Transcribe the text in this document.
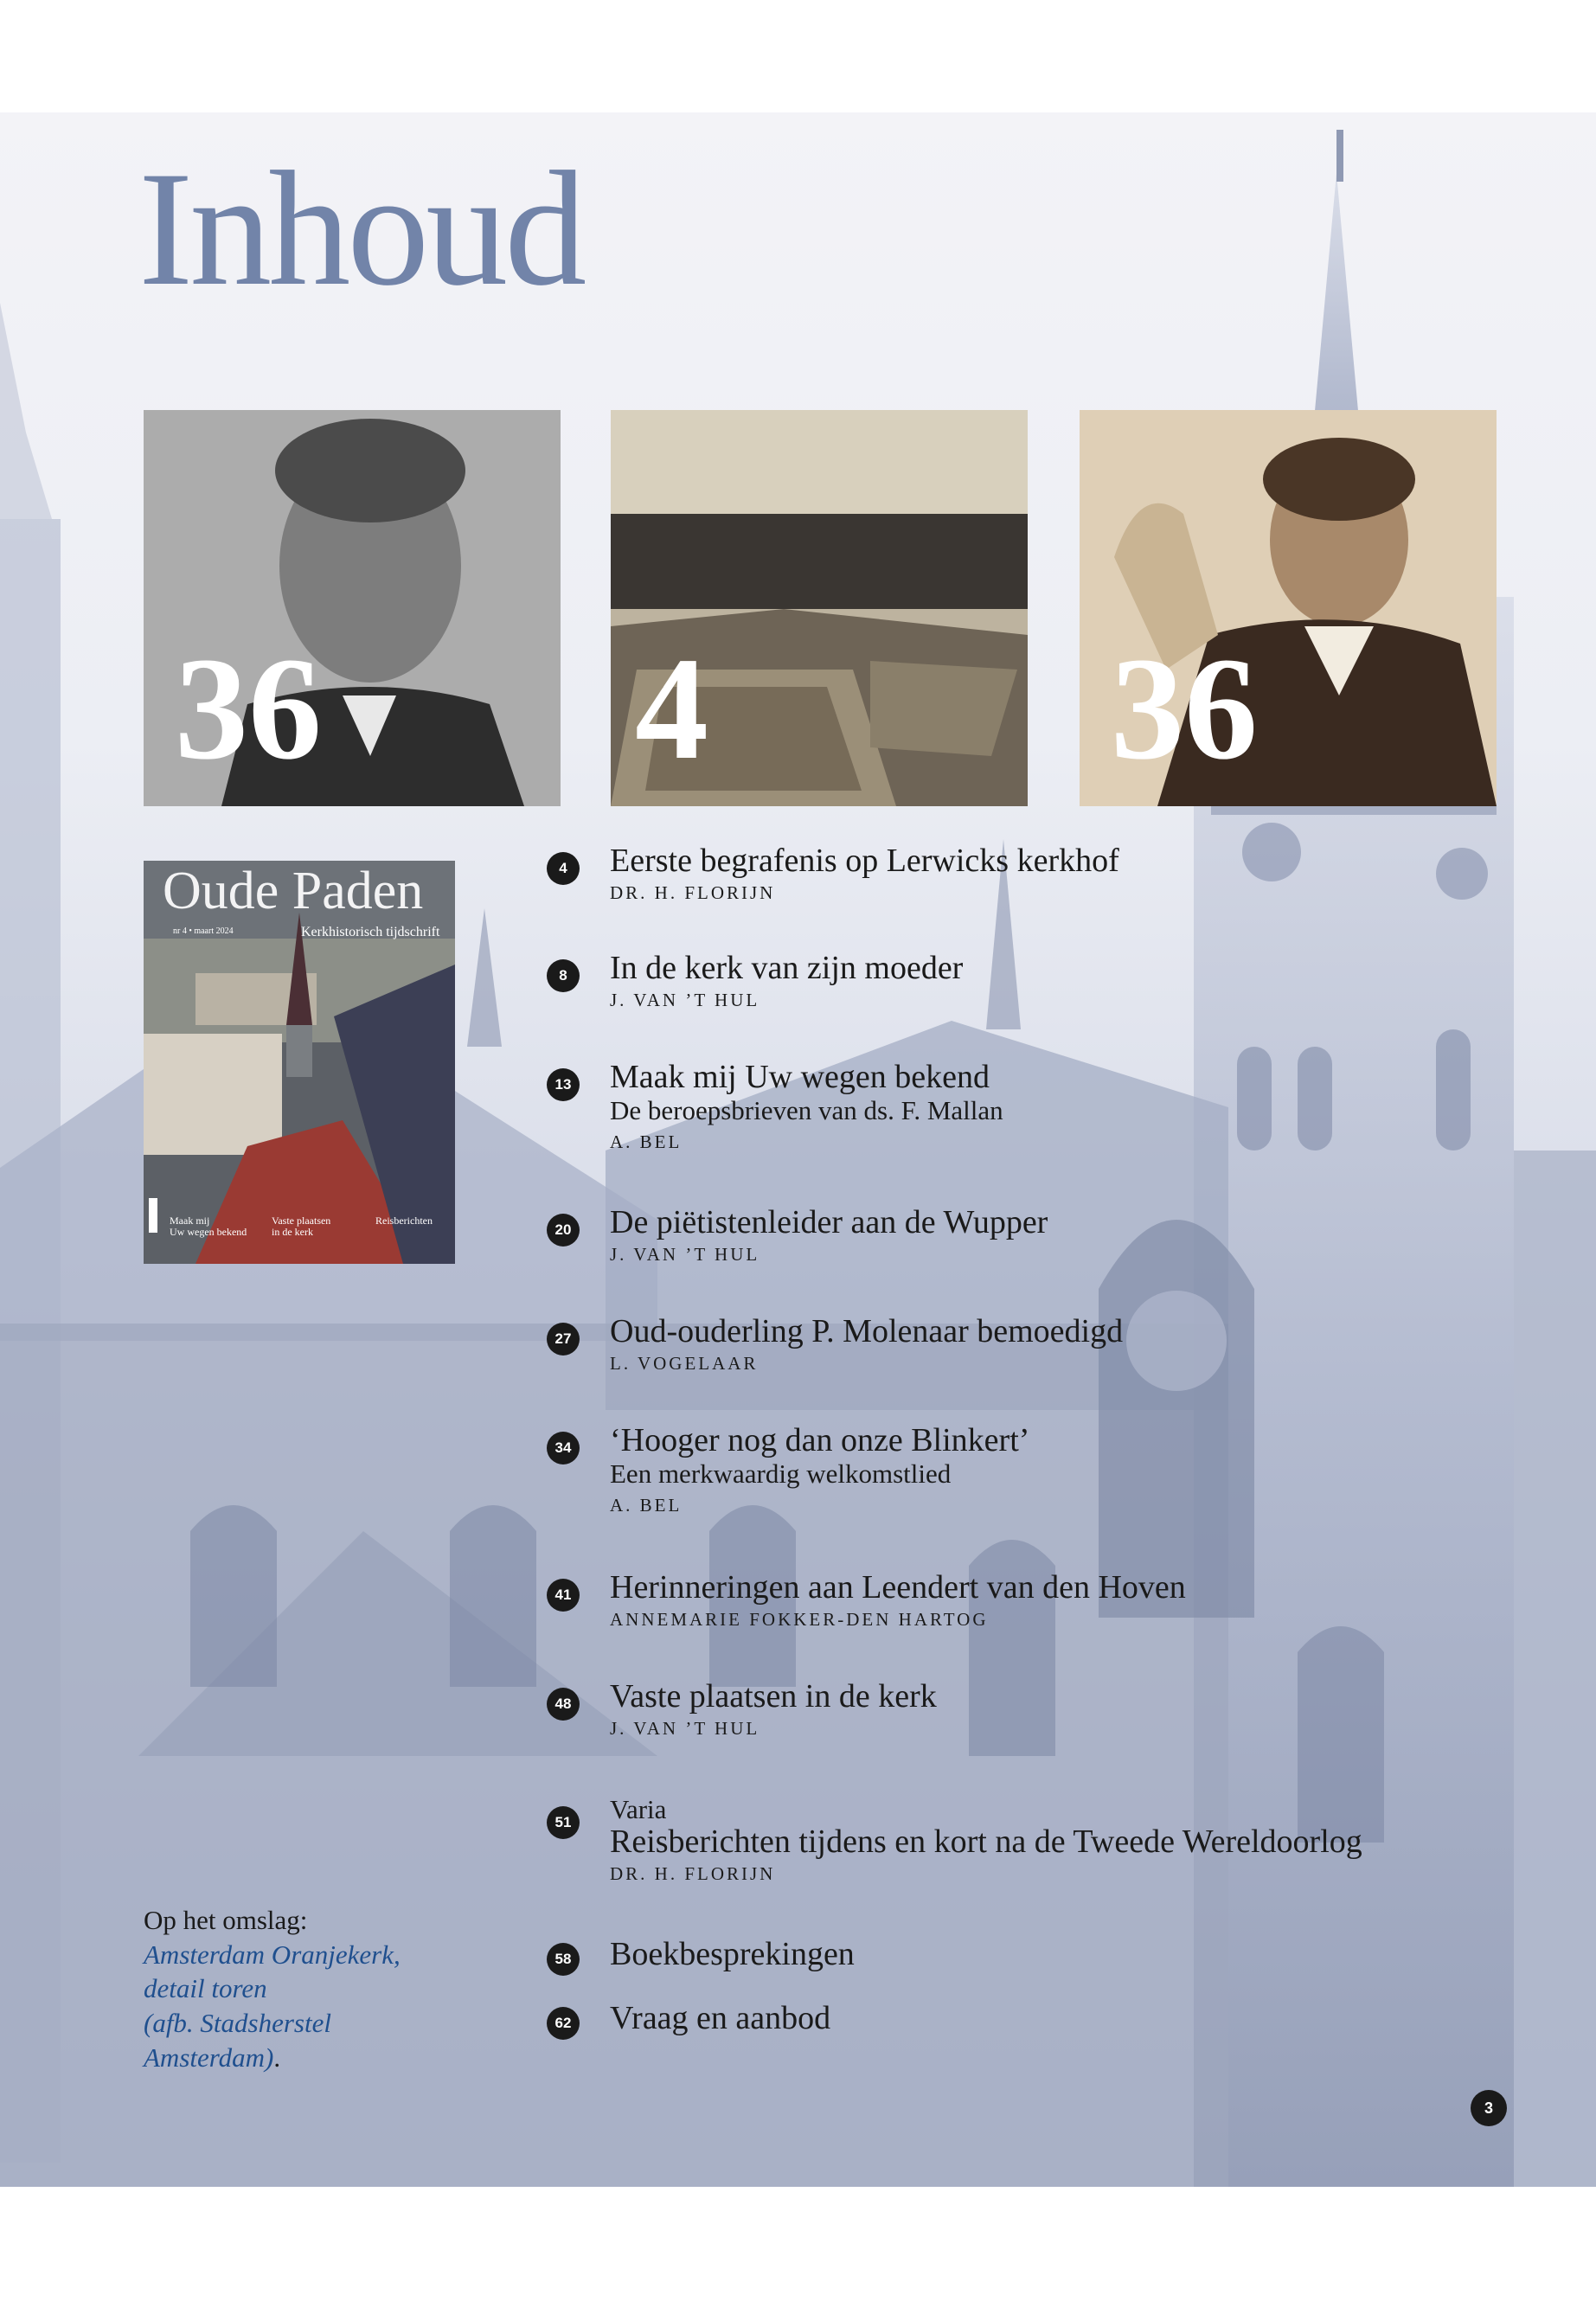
Inhoud
36 4	36
Oude Paden
nr 4 • maart 2024	Kerkhistorisch tijdschrift
Maak mij
Uw wegen bekend
Vaste plaatsen
in de kerk
Reisberichten
4	Eerste begrafenis op Lerwicks kerkhof
DR. H. FLORIJN
8	In de kerk van zijn moeder
J. VAN ’T HUL
13 Maak mij Uw wegen bekend
De beroepsbrieven van ds. F. Mallan
A. BEL
20 De piëtistenleider aan de Wupper
J. VAN ’T HUL
27 Oud-ouderling P. Molenaar bemoedigd
L. VOGELAAR
34 ‘Hooger nog dan onze Blinkert’
Een merkwaardig welkomstlied
A. BEL
41 Herinneringen aan Leendert van den Hoven
ANNEMARIE FOKKER-DEN HARTOG
48 Vaste plaatsen in de kerk
J. VAN ’T HUL
51	Varia
Reisberichten tijdens en kort na de Tweede Wereldoorlog
DR. H. FLORIJN
58 Boekbesprekingen
62 Vraag en aanbod
Op het omslag:
Amsterdam Oranjekerk,
detail toren
(afb. Stadsherstel
Amsterdam).
3
